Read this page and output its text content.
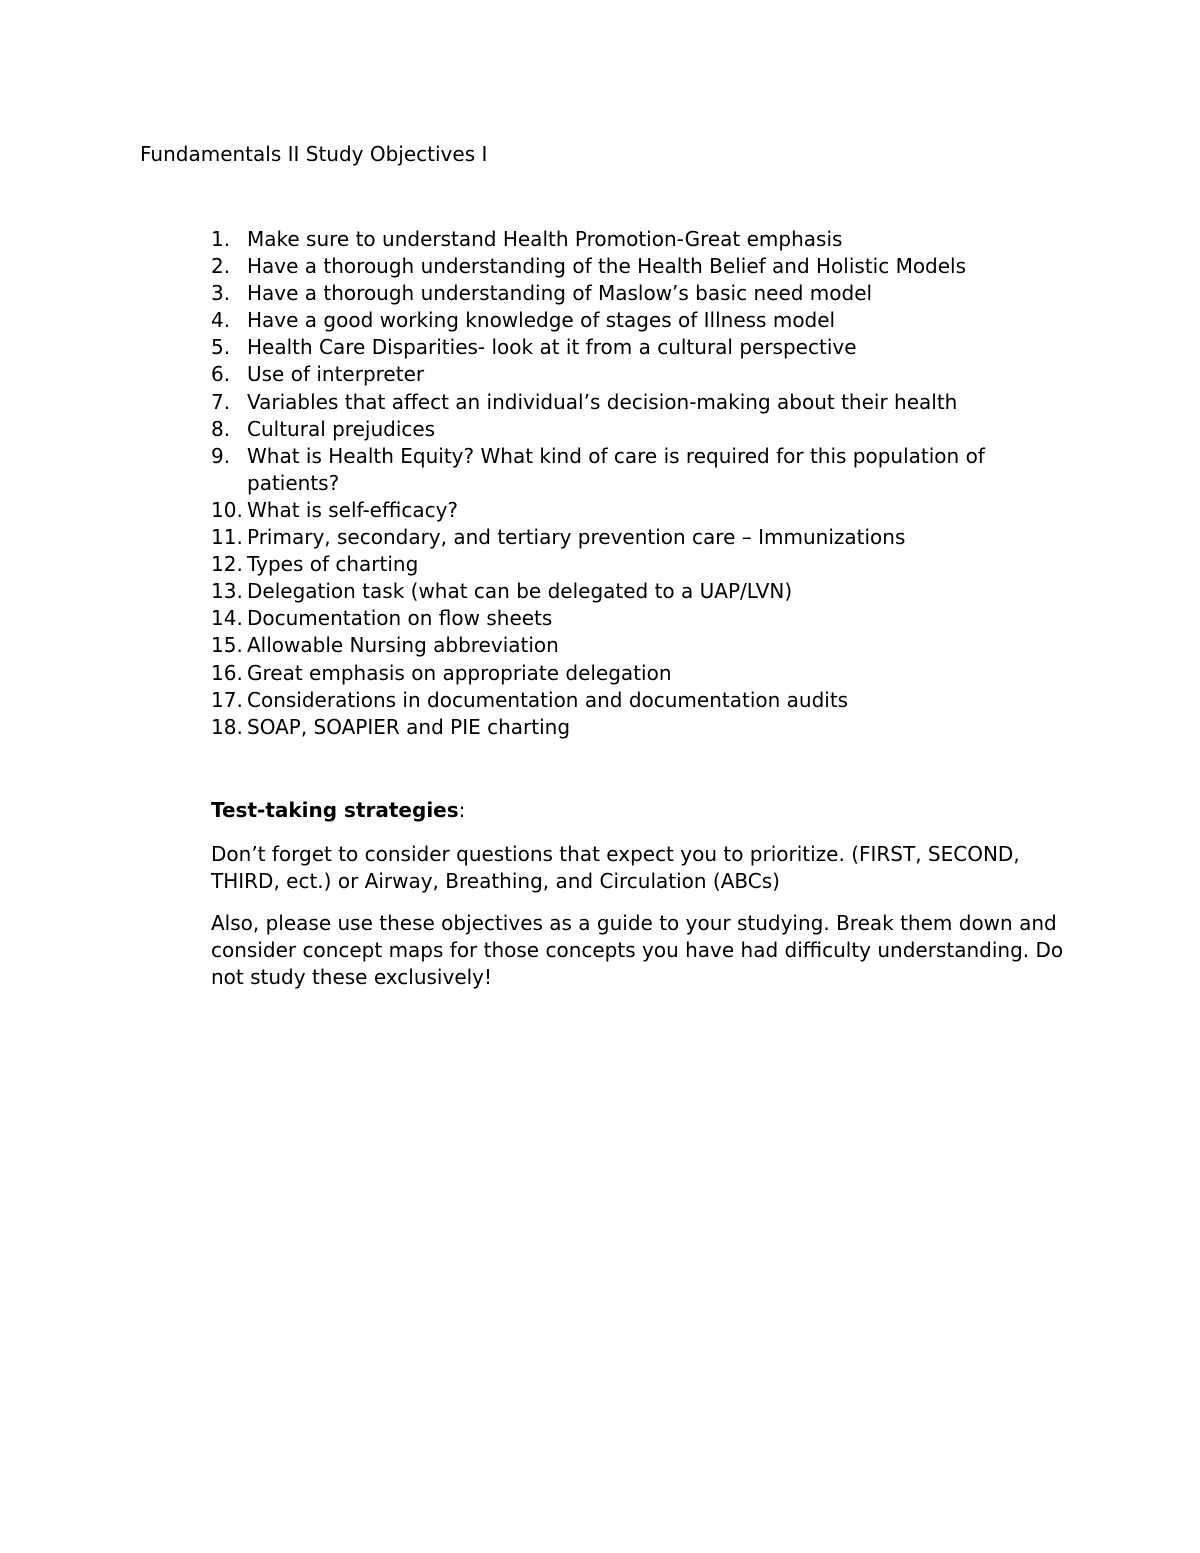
Fundamentals II Study Objectives I
1. Make sure to understand Health Promotion-Great emphasis
2. Have a thorough understanding of the Health Belief and Holistic Models
3. Have a thorough understanding of Maslow’s basic need model
4. Have a good working knowledge of stages of Illness model
5. Health Care Disparities- look at it from a cultural perspective
6. Use of interpreter
7. Variables that affect an individual’s decision-making about their health
8. Cultural prejudices
9. What is Health Equity? What kind of care is required for this population of patients?
10. What is self-efficacy?
11. Primary, secondary, and tertiary prevention care – Immunizations
12. Types of charting
13. Delegation task (what can be delegated to a UAP/LVN)
14. Documentation on flow sheets
15. Allowable Nursing abbreviation
16. Great emphasis on appropriate delegation
17. Considerations in documentation and documentation audits
18. SOAP, SOAPIER and PIE charting
Test-taking strategies:

Don’t forget to consider questions that expect you to prioritize. (FIRST, SECOND, THIRD, ect.) or Airway, Breathing, and Circulation (ABCs)

Also, please use these objectives as a guide to your studying. Break them down and consider concept maps for those concepts you have had difficulty understanding. Do not study these exclusively!
